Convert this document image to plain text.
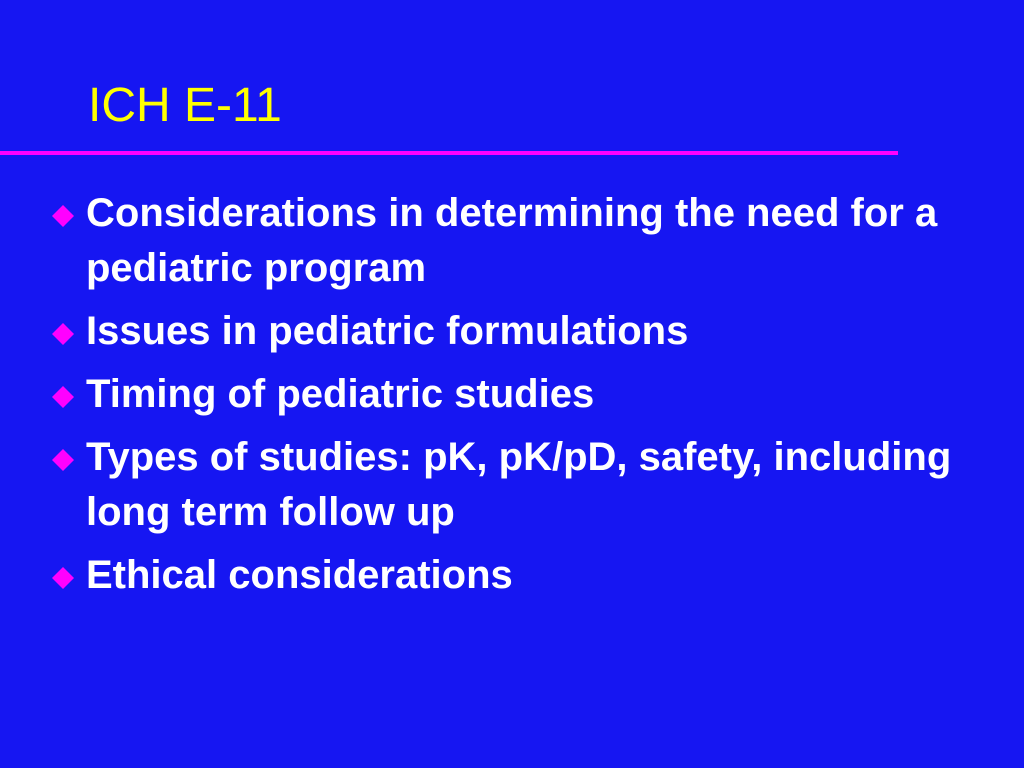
ICH E-11
Considerations in determining the need for a pediatric program
Issues in pediatric formulations
Timing of pediatric studies
Types of studies: pK, pK/pD, safety, including long term follow up
Ethical considerations
